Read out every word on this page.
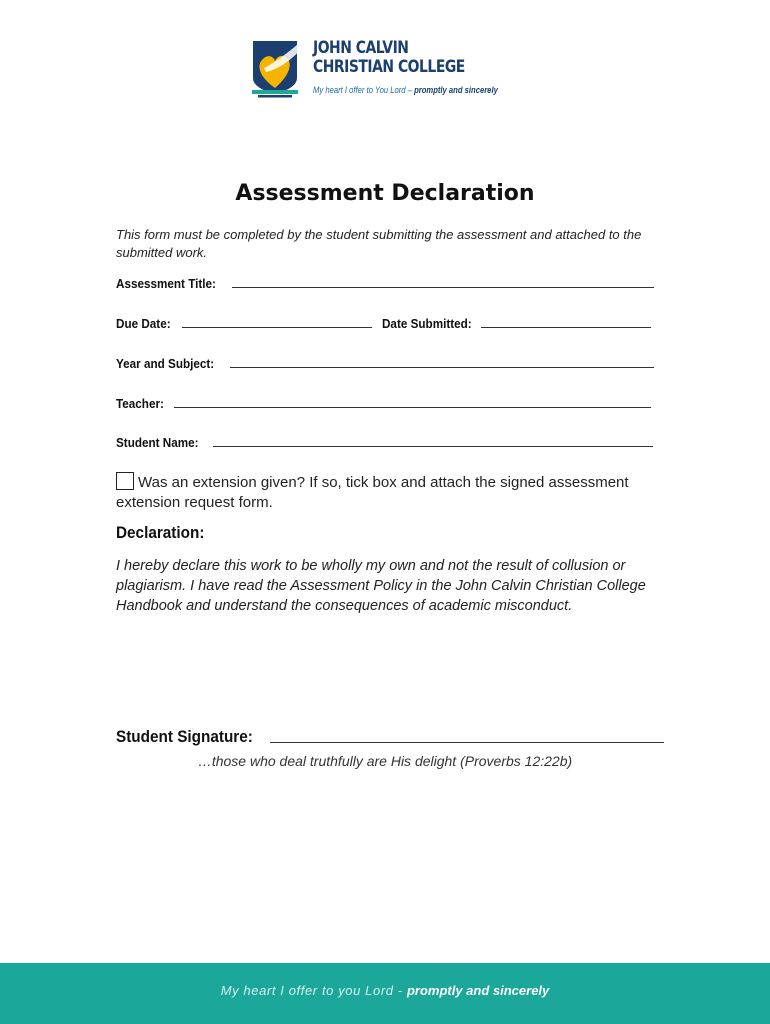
JOHN CALVIN
CHRISTIAN COLLEGE
My heart I offer to You Lord – promptly and sincerely
Assessment Declaration
This form must be completed by the student submitting the assessment and attached to the submitted work.
Assessment Title:
Due Date:	Date Submitted:
Year and Subject:
Teacher:
Student Name:
Was an extension given? If so, tick box and attach the signed assessment extension request form.
Declaration:
I hereby declare this work to be wholly my own and not the result of collusion or plagiarism. I have read the Assessment Policy in the John Calvin Christian College Handbook and understand the consequences of academic misconduct.
Student Signature:
…those who deal truthfully are His delight (Proverbs 12:22b)
My heart I offer to you Lord - promptly and sincerely
